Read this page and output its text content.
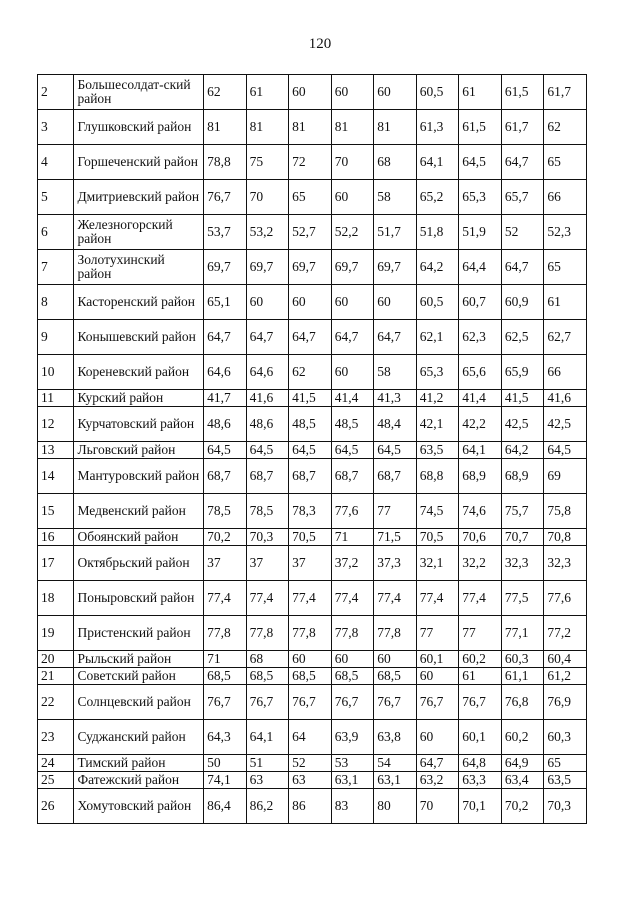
120
2	Большесолдат-ский район	62	61	60	60	60	60,5	61	61,5	61,7
3	Глушковский район	81	81	81	81	81	61,3	61,5	61,7	62
4	Горшеченский район	78,8	75	72	70	68	64,1	64,5	64,7	65
5	Дмитриевский район	76,7	70	65	60	58	65,2	65,3	65,7	66
6	Железногорский район	53,7	53,2	52,7	52,2	51,7	51,8	51,9	52	52,3
7	Золотухинский район	69,7	69,7	69,7	69,7	69,7	64,2	64,4	64,7	65
8	Касторенский район	65,1	60	60	60	60	60,5	60,7	60,9	61
9	Конышевский район	64,7	64,7	64,7	64,7	64,7	62,1	62,3	62,5	62,7
10	Кореневский район	64,6	64,6	62	60	58	65,3	65,6	65,9	66
11	Курский район	41,7	41,6	41,5	41,4	41,3	41,2	41,4	41,5	41,6
12	Курчатовский район	48,6	48,6	48,5	48,5	48,4	42,1	42,2	42,5	42,5
13	Льговский район	64,5	64,5	64,5	64,5	64,5	63,5	64,1	64,2	64,5
14	Мантуровский район	68,7	68,7	68,7	68,7	68,7	68,8	68,9	68,9	69
15	Медвенский район	78,5	78,5	78,3	77,6	77	74,5	74,6	75,7	75,8
16	Обоянский район	70,2	70,3	70,5	71	71,5	70,5	70,6	70,7	70,8
17	Октябрьский район	37	37	37	37,2	37,3	32,1	32,2	32,3	32,3
18	Поныровский район	77,4	77,4	77,4	77,4	77,4	77,4	77,4	77,5	77,6
19	Пристенский район	77,8	77,8	77,8	77,8	77,8	77	77	77,1	77,2
20	Рыльский район	71	68	60	60	60	60,1	60,2	60,3	60,4
21	Советский район	68,5	68,5	68,5	68,5	68,5	60	61	61,1	61,2
22	Солнцевский район	76,7	76,7	76,7	76,7	76,7	76,7	76,7	76,8	76,9
23	Суджанский район	64,3	64,1	64	63,9	63,8	60	60,1	60,2	60,3
24	Тимский район	50	51	52	53	54	64,7	64,8	64,9	65
25	Фатежский район	74,1	63	63	63,1	63,1	63,2	63,3	63,4	63,5
26	Хомутовский район	86,4	86,2	86	83	80	70	70,1	70,2	70,3
